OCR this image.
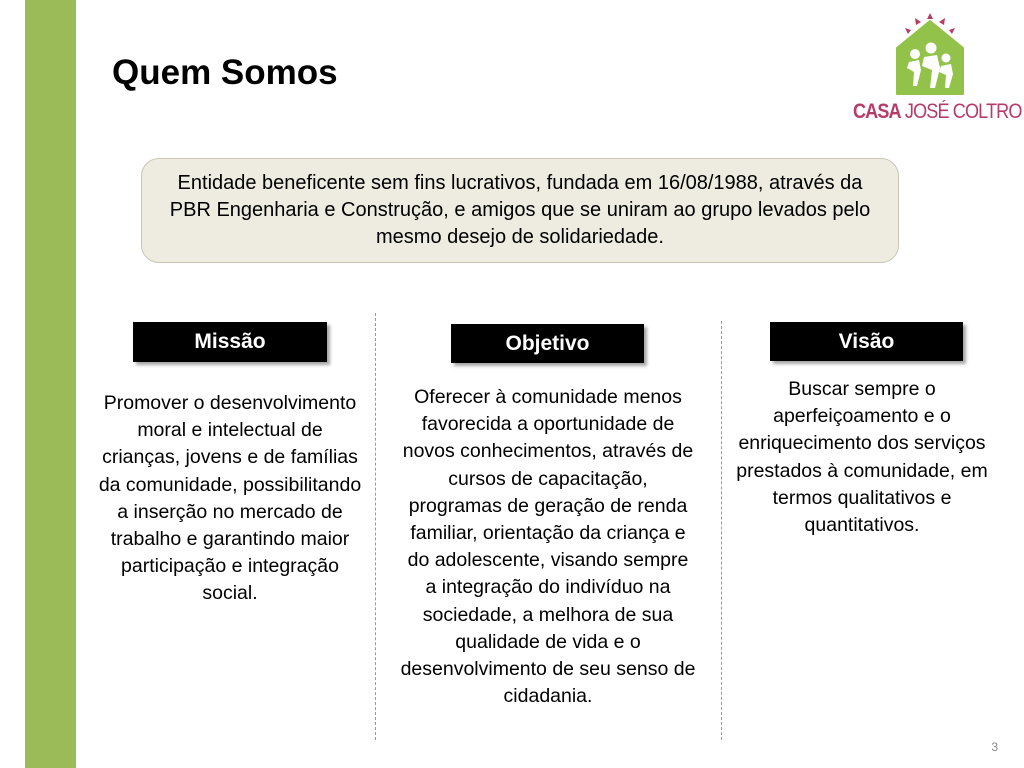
Quem Somos
CASA JOSÉ COLTRO
Entidade beneficente sem fins lucrativos, fundada em 16/08/1988, através da PBR Engenharia e Construção, e amigos que se uniram ao grupo levados pelo mesmo desejo de solidariedade.
Missão

Promover o desenvolvimento moral e intelectual de crianças, jovens e de famílias da comunidade, possibilitando a inserção no mercado de trabalho e garantindo maior participação e integração social.

Objetivo

Oferecer à comunidade menos favorecida a oportunidade de novos conhecimentos, através de cursos de capacitação, programas de geração de renda familiar, orientação da criança e do adolescente, visando sempre a integração do indivíduo na sociedade, a melhora de sua qualidade de vida e o desenvolvimento de seu senso de cidadania.

Visão

Buscar sempre o aperfeiçoamento e o enriquecimento dos serviços prestados à comunidade, em termos qualitativos e quantitativos.

3
